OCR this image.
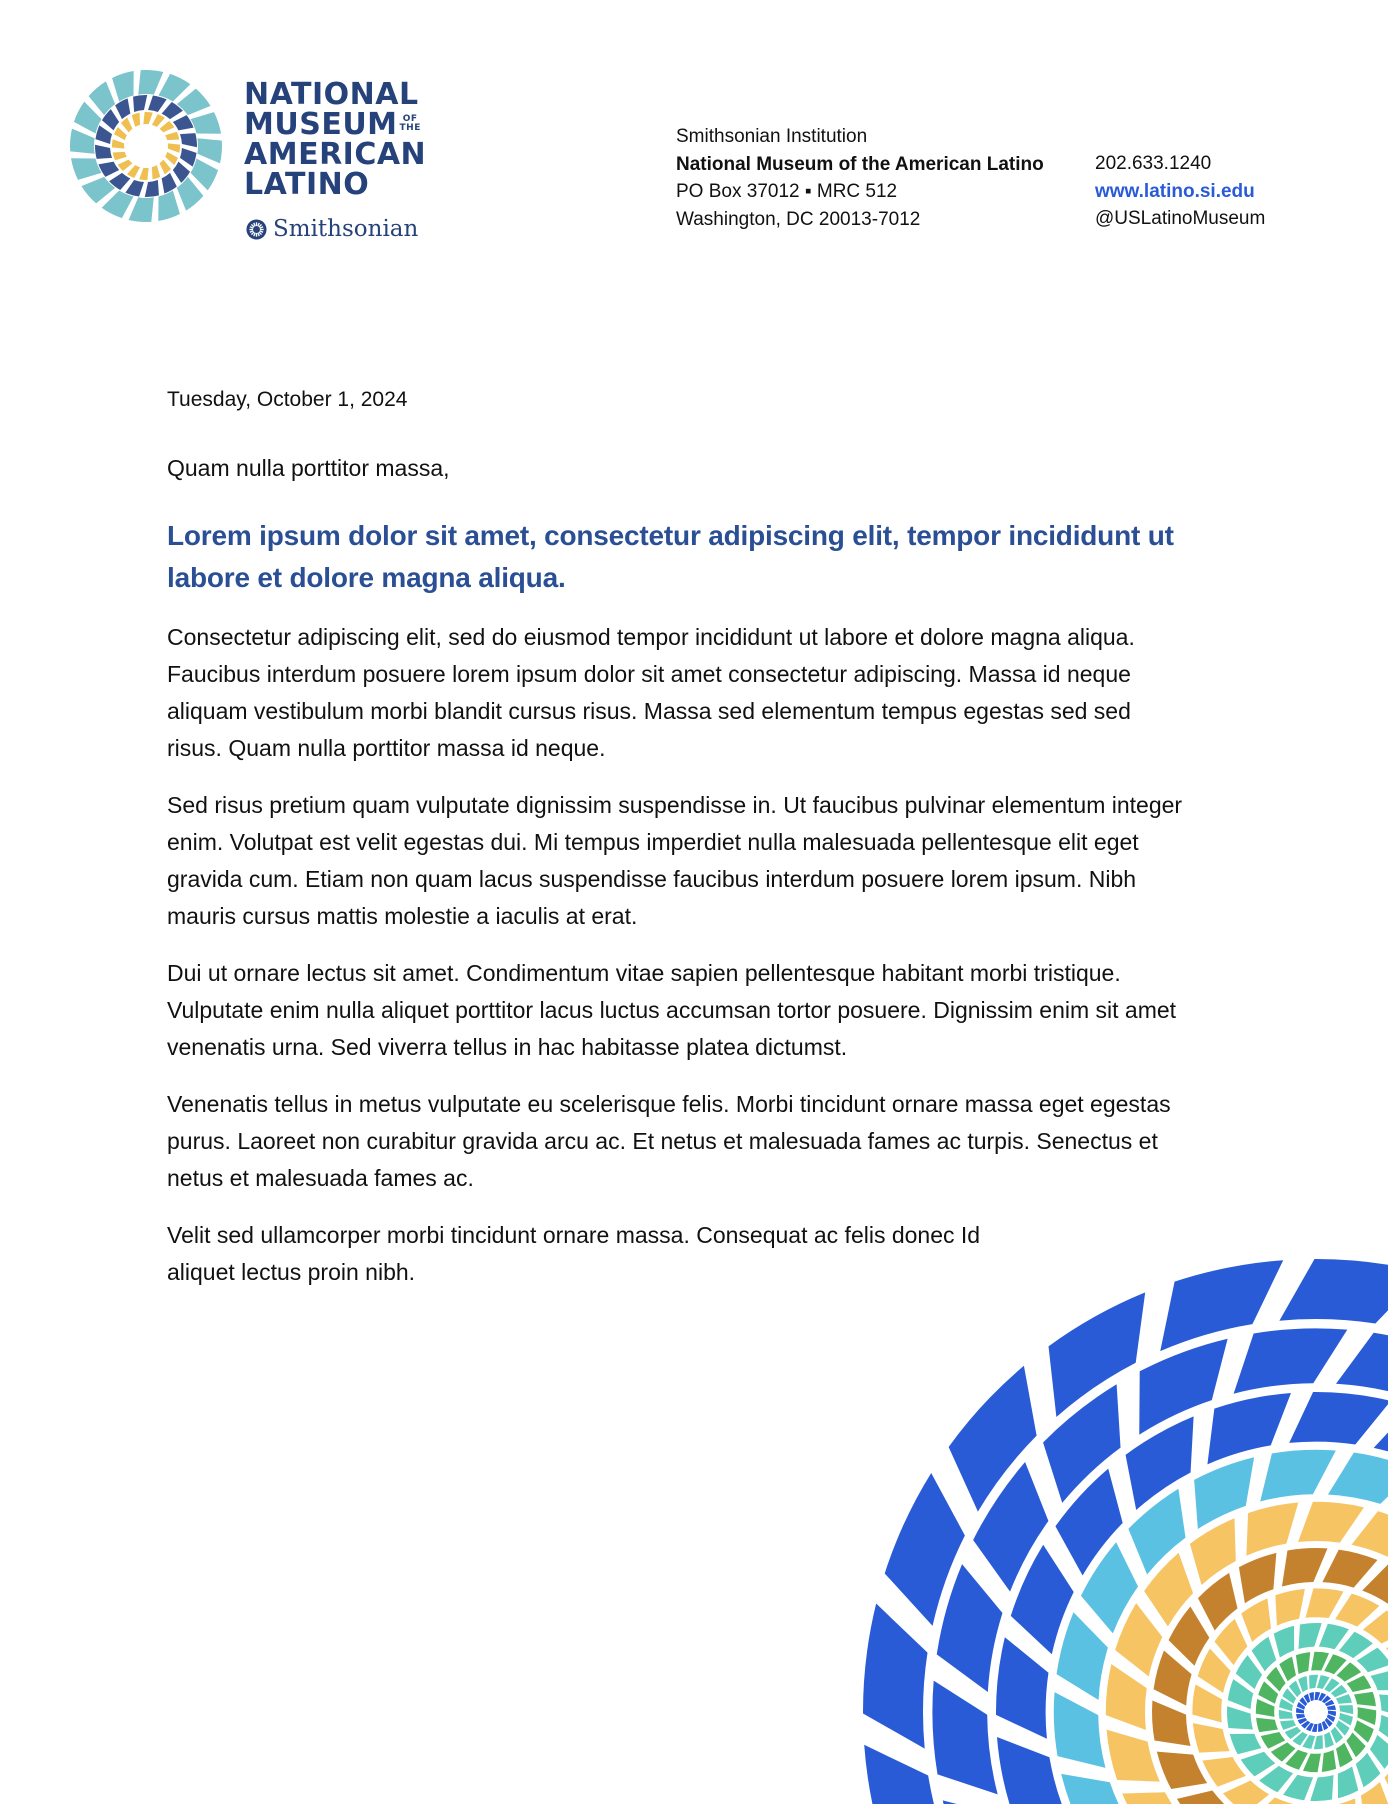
NATIONAL
MUSEUM OF
THE
AMERICAN
LATINO
Smithsonian
Smithsonian Institution
National Museum of the American Latino
PO Box 37012 ▪ MRC 512
Washington, DC 20013-7012
202.633.1240
www.latino.si.edu
@USLatinoMuseum

Tuesday, October 1, 2024

Quam nulla porttitor massa,

Lorem ipsum dolor sit amet, consectetur adipiscing elit, tempor incididunt ut labore et dolore magna aliqua.

Consectetur adipiscing elit, sed do eiusmod tempor incididunt ut labore et dolore magna aliqua. Faucibus interdum posuere lorem ipsum dolor sit amet consectetur adipiscing. Massa id neque aliquam vestibulum morbi blandit cursus risus. Massa sed elementum tempus egestas sed sed risus. Quam nulla porttitor massa id neque.

Sed risus pretium quam vulputate dignissim suspendisse in. Ut faucibus pulvinar elementum integer enim. Volutpat est velit egestas dui. Mi tempus imperdiet nulla malesuada pellentesque elit eget gravida cum. Etiam non quam lacus suspendisse faucibus interdum posuere lorem ipsum. Nibh mauris cursus mattis molestie a iaculis at erat.

Dui ut ornare lectus sit amet. Condimentum vitae sapien pellentesque habitant morbi tristique. Vulputate enim nulla aliquet porttitor lacus luctus accumsan tortor posuere. Dignissim enim sit amet venenatis urna. Sed viverra tellus in hac habitasse platea dictumst.

Venenatis tellus in metus vulputate eu scelerisque felis. Morbi tincidunt ornare massa eget egestas purus. Laoreet non curabitur gravida arcu ac. Et netus et malesuada fames ac turpis. Senectus et netus et malesuada fames ac.

Velit sed ullamcorper morbi tincidunt ornare massa. Consequat ac felis donec Id aliquet lectus proin nibh.
